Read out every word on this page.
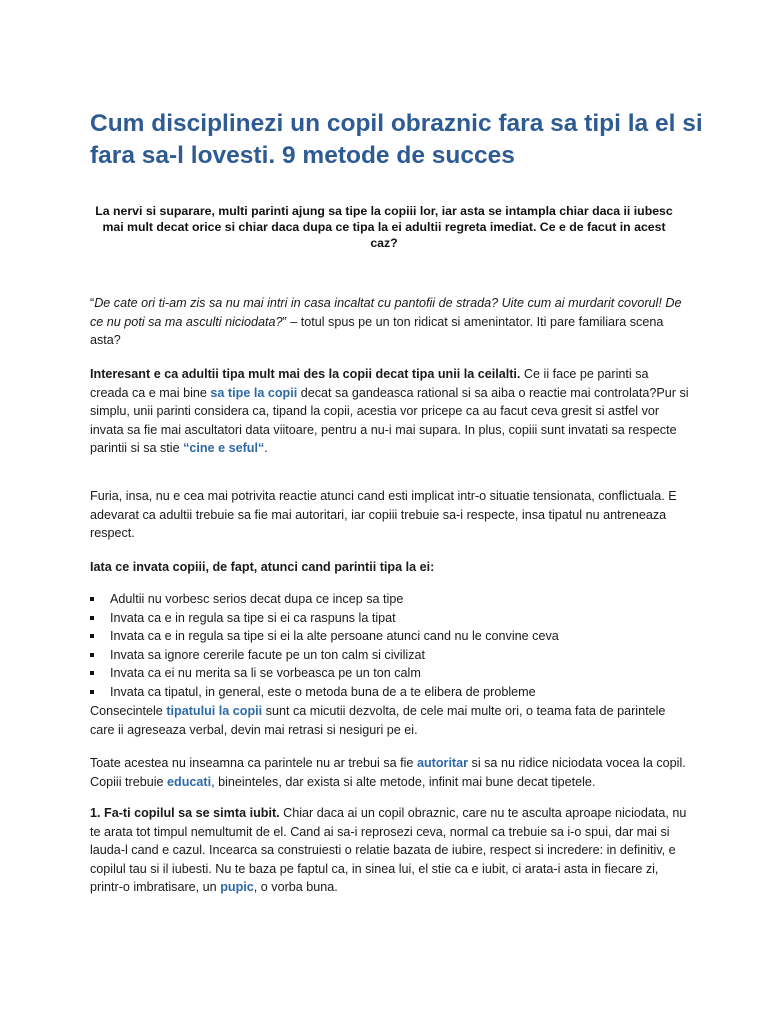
Cum disciplinezi un copil obraznic fara sa tipi la el si fara sa-l lovesti. 9 metode de succes

La nervi si suparare, multi parinti ajung sa tipe la copiii lor, iar asta se intampla chiar daca ii iubesc mai mult decat orice si chiar daca dupa ce tipa la ei adultii regreta imediat. Ce e de facut in acest caz?

“De cate ori ti-am zis sa nu mai intri in casa incaltat cu pantofii de strada? Uite cum ai murdarit covorul! De ce nu poti sa ma asculti niciodata?” – totul spus pe un ton ridicat si amenintator. Iti pare familiara scena asta?

Interesant e ca adultii tipa mult mai des la copii decat tipa unii la ceilalti. Ce ii face pe parinti sa creada ca e mai bine sa tipe la copii decat sa gandeasca rational si sa aiba o reactie mai controlata?Pur si simplu, unii parinti considera ca, tipand la copii, acestia vor pricepe ca au facut ceva gresit si astfel vor invata sa fie mai ascultatori data viitoare, pentru a nu-i mai supara. In plus, copiii sunt invatati sa respecte parintii si sa stie “cine e seful“.

Furia, insa, nu e cea mai potrivita reactie atunci cand esti implicat intr-o situatie tensionata, conflictuala. E adevarat ca adultii trebuie sa fie mai autoritari, iar copiii trebuie sa-i respecte, insa tipatul nu antreneaza respect.

Iata ce invata copiii, de fapt, atunci cand parintii tipa la ei:

Adultii nu vorbesc serios decat dupa ce incep sa tipe
Invata ca e in regula sa tipe si ei ca raspuns la tipat
Invata ca e in regula sa tipe si ei la alte persoane atunci cand nu le convine ceva
Invata sa ignore cererile facute pe un ton calm si civilizat
Invata ca ei nu merita sa li se vorbeasca pe un ton calm
Invata ca tipatul, in general, este o metoda buna de a te elibera de probleme

Consecintele tipatului la copii sunt ca micutii dezvolta, de cele mai multe ori, o teama fata de parintele care ii agreseaza verbal, devin mai retrasi si nesiguri pe ei.

Toate acestea nu inseamna ca parintele nu ar trebui sa fie autoritar si sa nu ridice niciodata vocea la copil. Copiii trebuie educati, bineinteles, dar exista si alte metode, infinit mai bune decat tipetele.

1. Fa-ti copilul sa se simta iubit. Chiar daca ai un copil obraznic, care nu te asculta aproape niciodata, nu te arata tot timpul nemultumit de el. Cand ai sa-i reprosezi ceva, normal ca trebuie sa i-o spui, dar mai si lauda-l cand e cazul. Incearca sa construiesti o relatie bazata de iubire, respect si incredere: in definitiv, e copilul tau si il iubesti. Nu te baza pe faptul ca, in sinea lui, el stie ca e iubit, ci arata-i asta in fiecare zi, printr-o imbratisare, un pupic, o vorba buna.
